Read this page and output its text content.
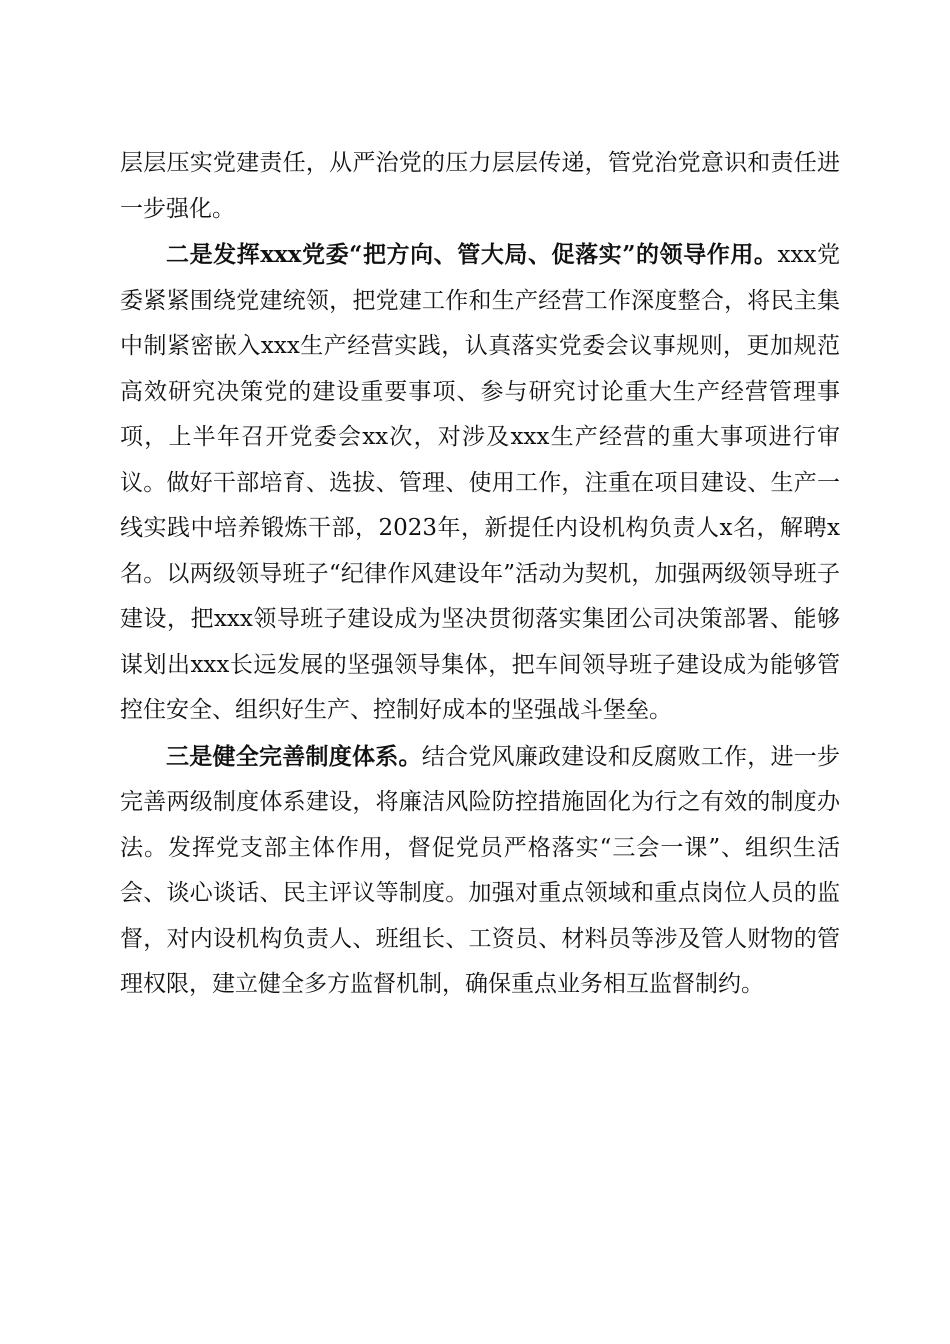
层层压实党建责任，从严治党的压力层层传递，管党治党意识和责任进一步强化。

二是发挥xxx党委“把方向、管大局、促落实”的领导作用。xxx党委紧紧围绕党建统领，把党建工作和生产经营工作深度整合，将民主集中制紧密嵌入xxx生产经营实践，认真落实党委会议事规则，更加规范高效研究决策党的建设重要事项、参与研究讨论重大生产经营管理事项，上半年召开党委会xx次，对涉及xxx生产经营的重大事项进行审议。做好干部培育、选拔、管理、使用工作，注重在项目建设、生产一线实践中培养锻炼干部，2023年，新提任内设机构负责人x名，解聘x名。以两级领导班子“纪律作风建设年”活动为契机，加强两级领导班子建设，把xxx领导班子建设成为坚决贯彻落实集团公司决策部署、能够谋划出xxx长远发展的坚强领导集体，把车间领导班子建设成为能够管控住安全、组织好生产、控制好成本的坚强战斗堡垒。

三是健全完善制度体系。结合党风廉政建设和反腐败工作，进一步完善两级制度体系建设，将廉洁风险防控措施固化为行之有效的制度办法。发挥党支部主体作用，督促党员严格落实“三会一课”、组织生活会、谈心谈话、民主评议等制度。加强对重点领域和重点岗位人员的监督，对内设机构负责人、班组长、工资员、材料员等涉及管人财物的管理权限，建立健全多方监督机制，确保重点业务相互监督制约。
